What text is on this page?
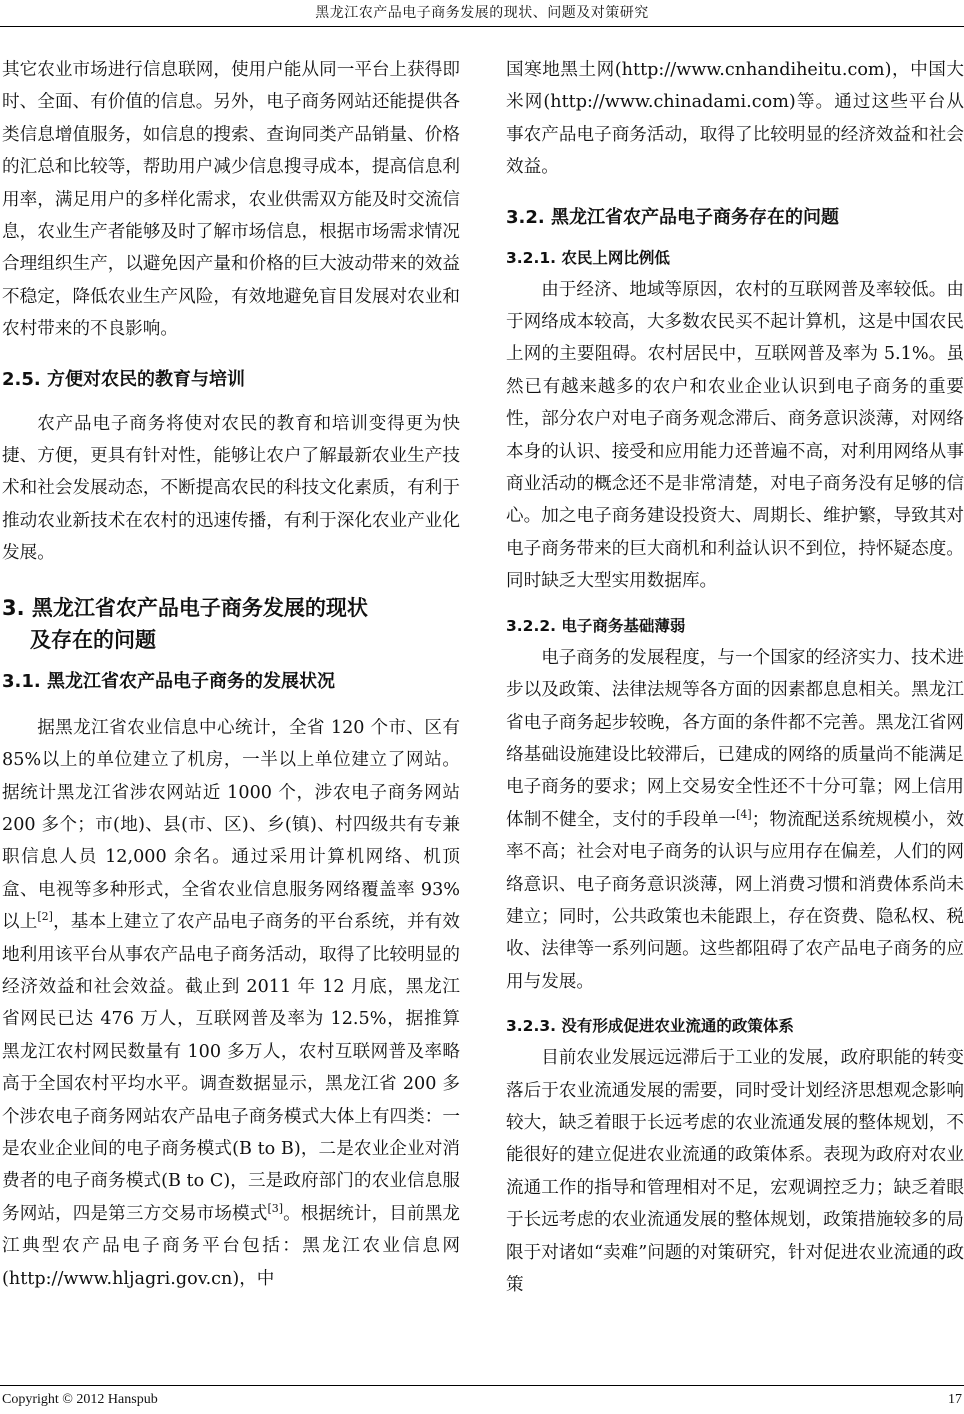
黑龙江农产品电子商务发展的现状、问题及对策研究

其它农业市场进行信息联网，使用户能从同一平台上获得即时、全面、有价值的信息。另外，电子商务网站还能提供各类信息增值服务，如信息的搜索、查询同类产品销量、价格的汇总和比较等，帮助用户减少信息搜寻成本，提高信息利用率，满足用户的多样化需求，农业供需双方能及时交流信息，农业生产者能够及时了解市场信息，根据市场需求情况合理组织生产，以避免因产量和价格的巨大波动带来的效益不稳定，降低农业生产风险，有效地避免盲目发展对农业和农村带来的不良影响。

2.5. 方便对农民的教育与培训

农产品电子商务将使对农民的教育和培训变得更为快捷、方便，更具有针对性，能够让农户了解最新农业生产技术和社会发展动态，不断提高农民的科技文化素质，有利于推动农业新技术在农村的迅速传播，有利于深化农业产业化发展。

3. 黑龙江省农产品电子商务发展的现状
及存在的问题
3.1. 黑龙江省农产品电子商务的发展状况

据黑龙江省农业信息中心统计，全省 120 个市、区有 85%以上的单位建立了机房，一半以上单位建立了网站。据统计黑龙江省涉农网站近 1000 个，涉农电子商务网站 200 多个；市(地)、县(市、区)、乡(镇)、村四级共有专兼职信息人员 12,000 余名。通过采用计算机网络、机顶盒、电视等多种形式，全省农业信息服务网络覆盖率 93%以上[2]，基本上建立了农产品电子商务的平台系统，并有效地利用该平台从事农产品电子商务活动，取得了比较明显的经济效益和社会效益。截止到 2011 年 12 月底，黑龙江省网民已达 476 万人，互联网普及率为 12.5%，据推算黑龙江农村网民数量有 100 多万人，农村互联网普及率略高于全国农村平均水平。调查数据显示，黑龙江省 200 多个涉农电子商务网站农产品电子商务模式大体上有四类：一是农业企业间的电子商务模式(B to B)，二是农业企业对消费者的电子商务模式(B to C)，三是政府部门的农业信息服务网站，四是第三方交易市场模式[3]。根据统计，目前黑龙江典型农产品电子商务平台包括：黑龙江农业信息网(http://www.hljagri.gov.cn)，中

国寒地黑土网(http://www.cnhandiheitu.com)，中国大米网(http://www.chinadami.com)等。通过这些平台从事农产品电子商务活动，取得了比较明显的经济效益和社会效益。

3.2. 黑龙江省农产品电子商务存在的问题
3.2.1. 农民上网比例低

由于经济、地域等原因，农村的互联网普及率较低。由于网络成本较高，大多数农民买不起计算机，这是中国农民上网的主要阻碍。农村居民中，互联网普及率为 5.1%。虽然已有越来越多的农户和农业企业认识到电子商务的重要性，部分农户对电子商务观念滞后、商务意识淡薄，对网络本身的认识、接受和应用能力还普遍不高，对利用网络从事商业活动的概念还不是非常清楚，对电子商务没有足够的信心。加之电子商务建设投资大、周期长、维护繁，导致其对电子商务带来的巨大商机和利益认识不到位，持怀疑态度。同时缺乏大型实用数据库。

3.2.2. 电子商务基础薄弱

电子商务的发展程度，与一个国家的经济实力、技术进步以及政策、法律法规等各方面的因素都息息相关。黑龙江省电子商务起步较晚，各方面的条件都不完善。黑龙江省网络基础设施建设比较滞后，已建成的网络的质量尚不能满足电子商务的要求；网上交易安全性还不十分可靠；网上信用体制不健全，支付的手段单一[4]；物流配送系统规模小，效率不高；社会对电子商务的认识与应用存在偏差，人们的网络意识、电子商务意识淡薄，网上消费习惯和消费体系尚未建立；同时，公共政策也未能跟上，存在资费、隐私权、税收、法律等一系列问题。这些都阻碍了农产品电子商务的应用与发展。

3.2.3. 没有形成促进农业流通的政策体系

目前农业发展远远滞后于工业的发展，政府职能的转变落后于农业流通发展的需要，同时受计划经济思想观念影响较大，缺乏着眼于长远考虑的农业流通发展的整体规划，不能很好的建立促进农业流通的政策体系。表现为政府对农业流通工作的指导和管理相对不足，宏观调控乏力；缺乏着眼于长远考虑的农业流通发展的整体规划，政策措施较多的局限于对诸如“卖难”问题的对策研究，针对促进农业流通的政策

Copyright © 2012 Hanspub	17
